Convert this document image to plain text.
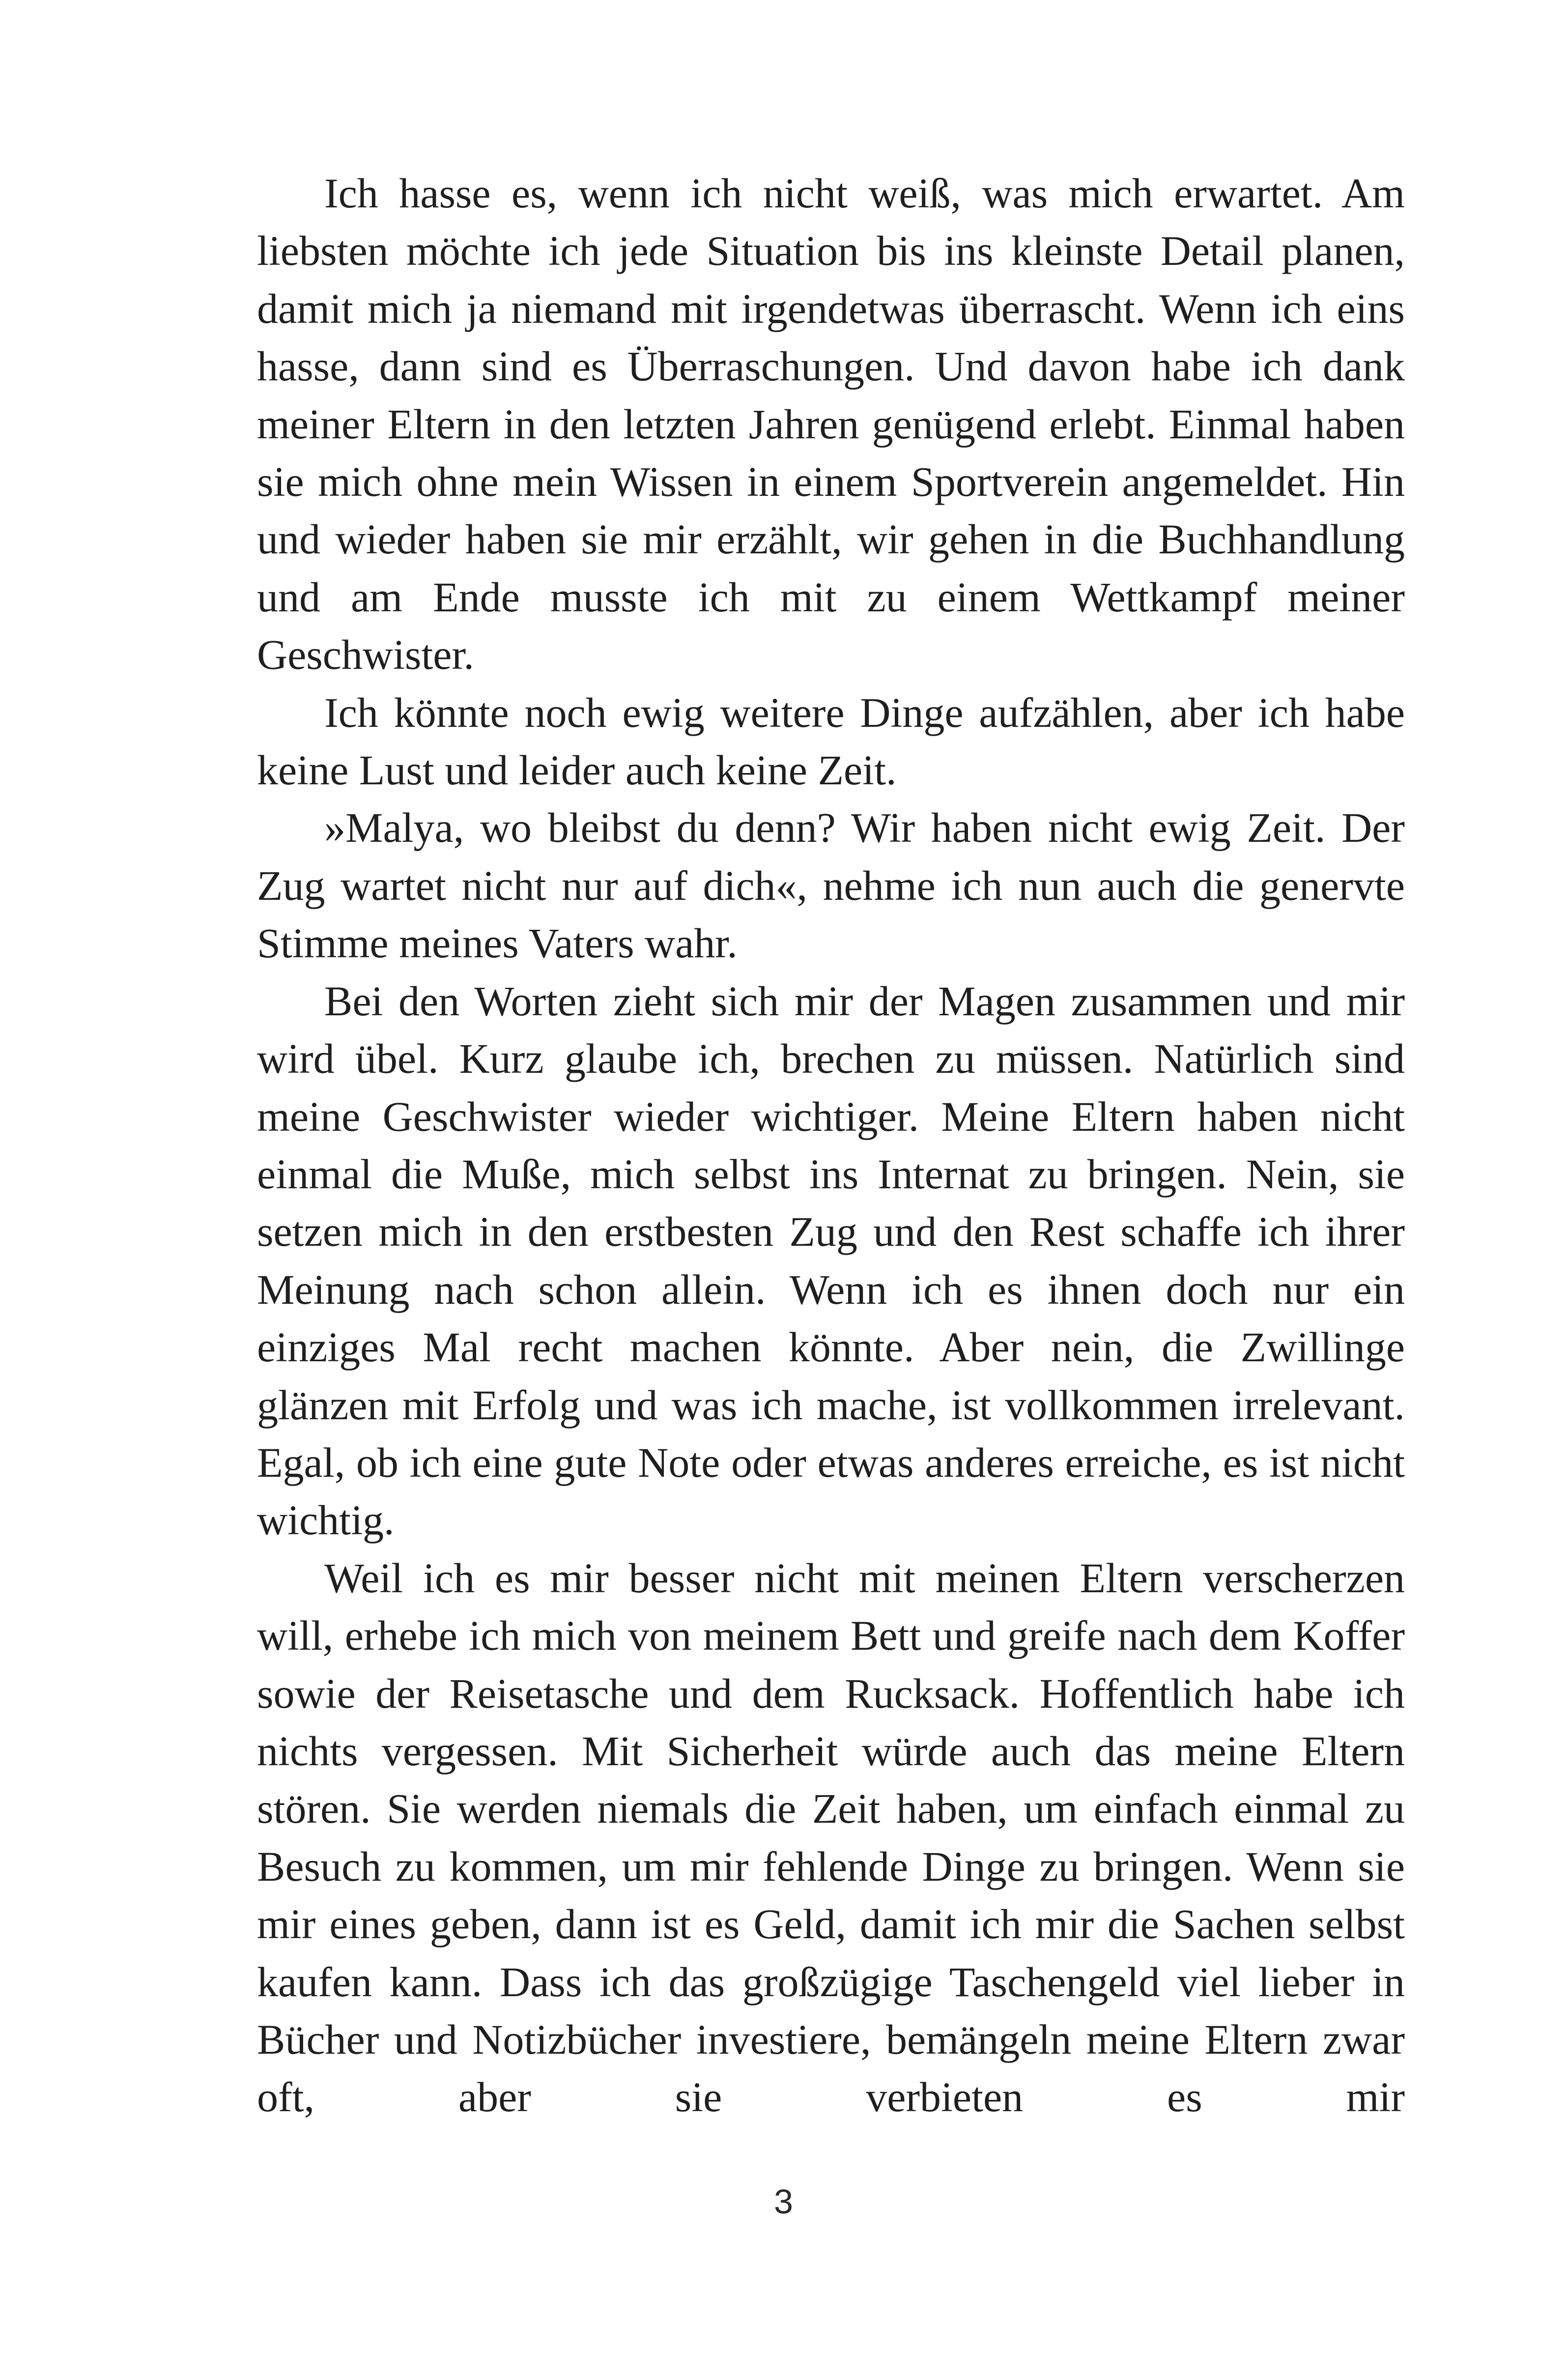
Ich hasse es, wenn ich nicht weiß, was mich erwartet. Am liebsten möchte ich jede Situation bis ins kleinste Detail planen, damit mich ja niemand mit irgendetwas überrascht. Wenn ich eins hasse, dann sind es Überraschungen. Und davon habe ich dank meiner Eltern in den letzten Jahren genügend erlebt. Einmal haben sie mich ohne mein Wissen in einem Sportverein angemeldet. Hin und wieder haben sie mir erzählt, wir gehen in die Buchhandlung und am Ende musste ich mit zu einem Wettkampf meiner Geschwister.

Ich könnte noch ewig weitere Dinge aufzählen, aber ich habe keine Lust und leider auch keine Zeit.

»Malya, wo bleibst du denn? Wir haben nicht ewig Zeit. Der Zug wartet nicht nur auf dich«, nehme ich nun auch die genervte Stimme meines Vaters wahr.

Bei den Worten zieht sich mir der Magen zusammen und mir wird übel. Kurz glaube ich, brechen zu müssen. Natürlich sind meine Geschwister wieder wichtiger. Meine Eltern haben nicht einmal die Muße, mich selbst ins Internat zu bringen. Nein, sie setzen mich in den erstbesten Zug und den Rest schaffe ich ihrer Meinung nach schon allein. Wenn ich es ihnen doch nur ein einziges Mal recht machen könnte. Aber nein, die Zwillinge glänzen mit Erfolg und was ich mache, ist vollkommen irrelevant. Egal, ob ich eine gute Note oder etwas anderes erreiche, es ist nicht wichtig.

Weil ich es mir besser nicht mit meinen Eltern verscherzen will, erhebe ich mich von meinem Bett und greife nach dem Koffer sowie der Reisetasche und dem Rucksack. Hoffentlich habe ich nichts vergessen. Mit Sicherheit würde auch das meine Eltern stören. Sie werden niemals die Zeit haben, um einfach einmal zu Besuch zu kommen, um mir fehlende Dinge zu bringen. Wenn sie mir eines geben, dann ist es Geld, damit ich mir die Sachen selbst kaufen kann. Dass ich das großzügige Taschengeld viel lieber in Bücher und Notizbücher investiere, bemängeln meine Eltern zwar oft, aber sie verbieten es mir

3
